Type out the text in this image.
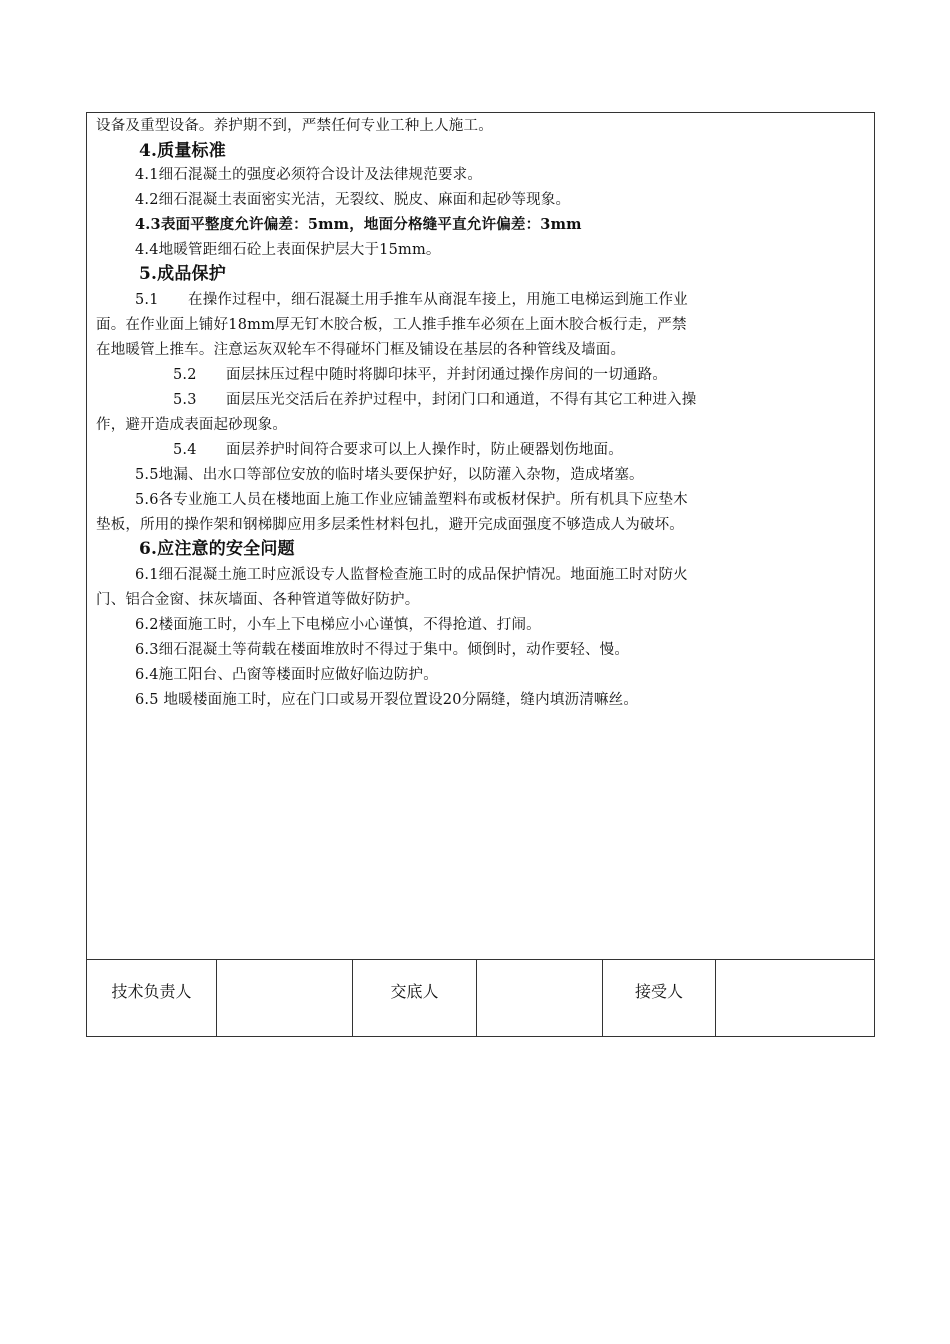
设备及重型设备。养护期不到，严禁任何专业工种上人施工。
4.质量标准
4.1细石混凝土的强度必须符合设计及法律规范要求。
4.2细石混凝土表面密实光洁，无裂纹、脱皮、麻面和起砂等现象。
4.3表面平整度允许偏差：5mm，地面分格缝平直允许偏差：3mm
4.4地暖管距细石砼上表面保护层大于15mm。
5.成品保护
5.1　　在操作过程中，细石混凝土用手推车从商混车接上，用施工电梯运到施工作业
面。在作业面上铺好18mm厚无钉木胶合板，工人推手推车必须在上面木胶合板行走，严禁
在地暖管上推车。注意运灰双轮车不得碰坏门框及铺设在基层的各种管线及墙面。
5.2　　面层抹压过程中随时将脚印抹平，并封闭通过操作房间的一切通路。
5.3　　面层压光交活后在养护过程中，封闭门口和通道，不得有其它工种进入操
作，避开造成表面起砂现象。
5.4　　面层养护时间符合要求可以上人操作时，防止硬器划伤地面。
5.5地漏、出水口等部位安放的临时堵头要保护好，以防灌入杂物，造成堵塞。
5.6各专业施工人员在楼地面上施工作业应铺盖塑料布或板材保护。所有机具下应垫木
垫板，所用的操作架和钢梯脚应用多层柔性材料包扎，避开完成面强度不够造成人为破坏。
6.应注意的安全问题
6.1细石混凝土施工时应派设专人监督检查施工时的成品保护情况。地面施工时对防火
门、铝合金窗、抹灰墙面、各种管道等做好防护。
6.2楼面施工时，小车上下电梯应小心谨慎，不得抢道、打闹。
6.3细石混凝土等荷载在楼面堆放时不得过于集中。倾倒时，动作要轻、慢。
6.4施工阳台、凸窗等楼面时应做好临边防护。
6.5 地暖楼面施工时，应在门口或易开裂位置设20分隔缝，缝内填沥清嘛丝。
技术负责人	交底人	接受人
